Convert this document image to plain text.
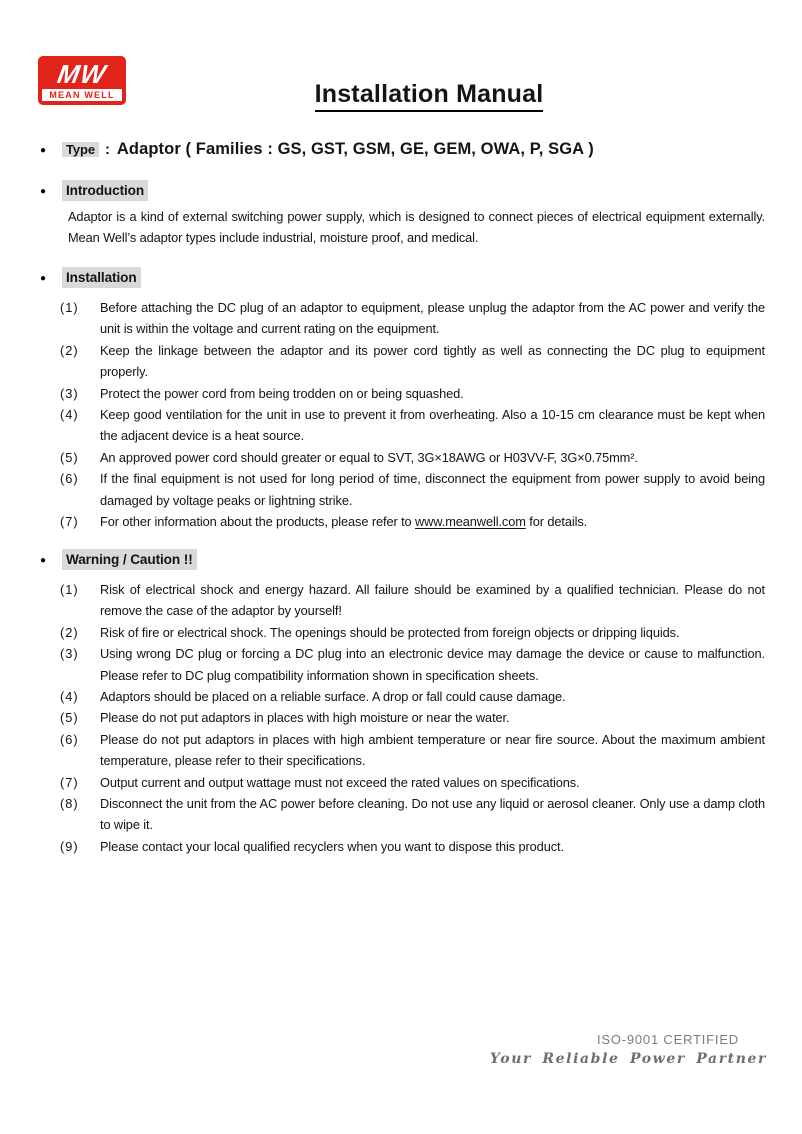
MW
MEAN WELL	Installation Manual
●	Type : Adaptor ( Families : GS, GST, GSM, GE, GEM, OWA, P, SGA )
●	Introduction
Adaptor is a kind of external switching power supply, which is designed to connect pieces of electrical equipment externally. Mean Well’s adaptor types include industrial, moisture proof, and medical.
●	Installation
(1)	Before attaching the DC plug of an adaptor to equipment, please unplug the adaptor from the AC power and verify the unit is within the voltage and current rating on the equipment.
(2)	Keep the linkage between the adaptor and its power cord tightly as well as connecting the DC plug to equipment properly.
(3)	Protect the power cord from being trodden on or being squashed.
(4)	Keep good ventilation for the unit in use to prevent it from overheating. Also a 10-15 cm clearance must be kept when the adjacent device is a heat source.
(5)	An approved power cord should greater or equal to SVT, 3G×18AWG or H03VV-F, 3G×0.75mm².
(6)	If the final equipment is not used for long period of time, disconnect the equipment from power supply to avoid being damaged by voltage peaks or lightning strike.
(7)	For other information about the products, please refer to www.meanwell.com for details.
●	Warning / Caution !!
(1)	Risk of electrical shock and energy hazard. All failure should be examined by a qualified technician. Please do not remove the case of the adaptor by yourself!
(2)	Risk of fire or electrical shock. The openings should be protected from foreign objects or dripping liquids.
(3)	Using wrong DC plug or forcing a DC plug into an electronic device may damage the device or cause to malfunction. Please refer to DC plug compatibility information shown in specification sheets.
(4)	Adaptors should be placed on a reliable surface. A drop or fall could cause damage.
(5)	Please do not put adaptors in places with high moisture or near the water.
(6)	Please do not put adaptors in places with high ambient temperature or near fire source. About the maximum ambient temperature, please refer to their specifications.
(7)	Output current and output wattage must not exceed the rated values on specifications.
(8)	Disconnect the unit from the AC power before cleaning. Do not use any liquid or aerosol cleaner. Only use a damp cloth to wipe it.
(9)	Please contact your local qualified recyclers when you want to dispose this product.
ISO-9001 CERTIFIED
Your Reliable Power Partner
